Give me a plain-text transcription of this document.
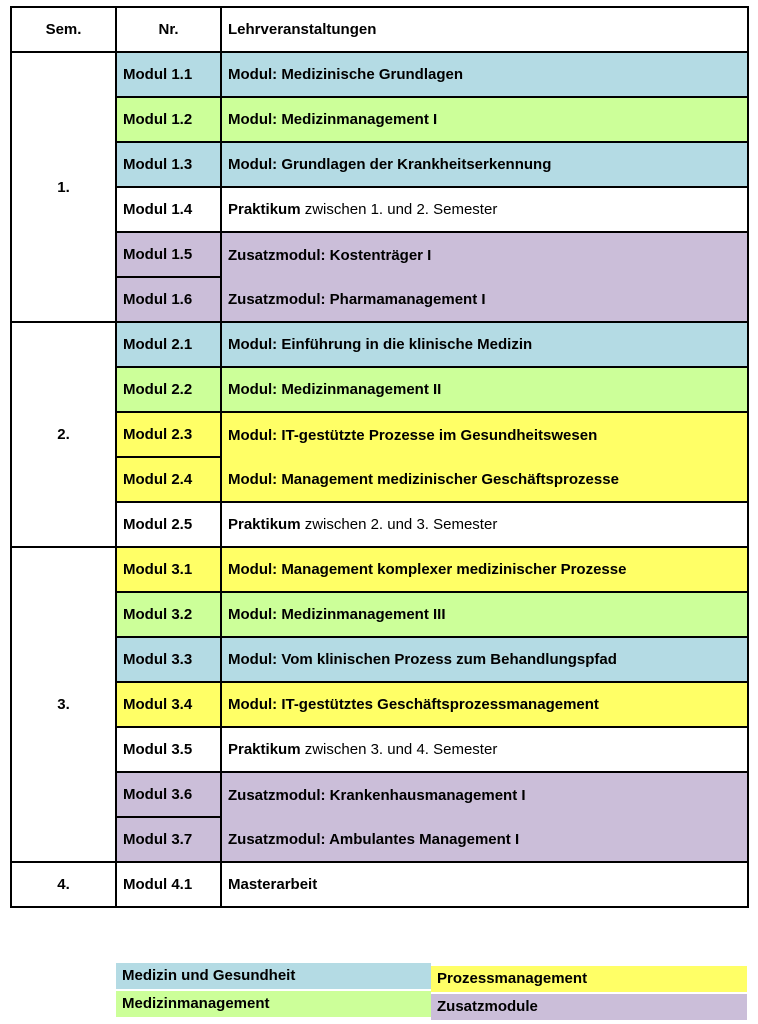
Sem.	Nr.	Lehrveranstaltungen
1.	Modul 1.1	Modul: Medizinische Grundlagen
	Modul 1.2	Modul: Medizinmanagement I
	Modul 1.3	Modul: Grundlagen der Krankheitserkennung
	Modul 1.4	Praktikum zwischen 1. und 2. Semester
	Modul 1.5	Zusatzmodul: Kostenträger I
	Modul 1.6	Zusatzmodul: Pharmamanagement I
2.	Modul 2.1	Modul: Einführung in die klinische Medizin
	Modul 2.2	Modul: Medizinmanagement II
	Modul 2.3	Modul: IT-gestützte Prozesse im Gesundheitswesen
	Modul 2.4	Modul: Management medizinischer Geschäftsprozesse
	Modul 2.5	Praktikum zwischen 2. und 3. Semester
3.	Modul 3.1	Modul: Management komplexer medizinischer Prozesse
	Modul 3.2	Modul: Medizinmanagement III
	Modul 3.3	Modul: Vom klinischen Prozess zum Behandlungspfad
	Modul 3.4	Modul: IT-gestütztes Geschäftsprozessmanagement
	Modul 3.5	Praktikum zwischen 3. und 4. Semester
	Modul 3.6	Zusatzmodul: Krankenhausmanagement I
	Modul 3.7	Zusatzmodul: Ambulantes Management I
4.	Modul 4.1	Masterarbeit
Medizin und Gesundheit
Medizinmanagement
Prozessmanagement
Zusatzmodule
